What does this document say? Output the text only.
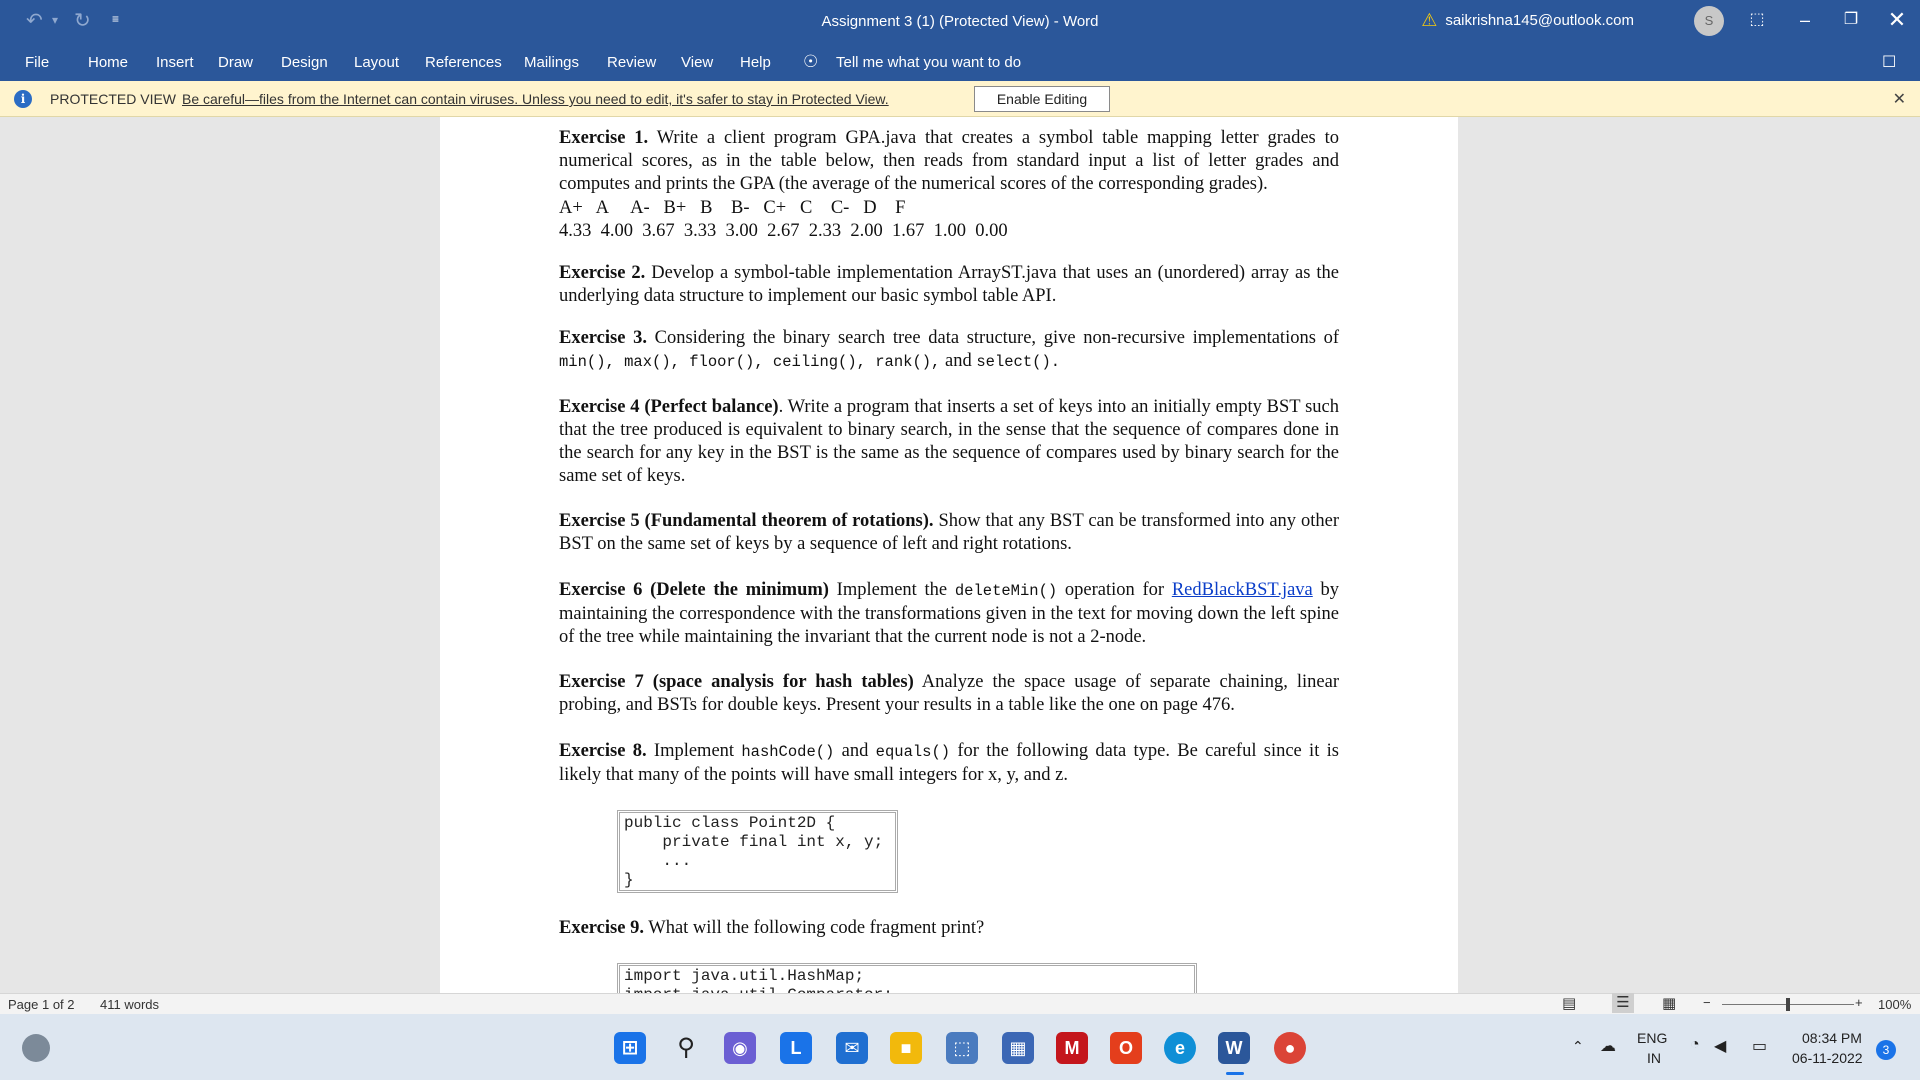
↶ ▾ ↻ ≡	Assignment 3 (1) (Protected View) - Word	⚠ saikrishna145@outlook.com	S	⬚	–	❐	✕
File	Home Insert Draw Design Layout References Mailings Review View Help ☉ Tell me what you want to do	☐
i	PROTECTED VIEW Be careful—files from the Internet can contain viruses. Unless you need to edit, it's safer to stay in Protected View.	Enable Editing	✕
Exercise 1. Write a client program GPA.java that creates a symbol table mapping letter grades to numerical scores, as in the table below, then reads from standard input a list of letter grades and computes and prints the GPA (the average of the numerical scores of the corresponding grades).
A+   A     A-   B+   B    B-   C+   C    C-   D    F
4.33  4.00  3.67  3.33  3.00  2.67  2.33  2.00  1.67  1.00  0.00
Exercise 2. Develop a symbol-table implementation ArrayST.java that uses an (unordered) array as the underlying data structure to implement our basic symbol table API.
Exercise 3. Considering the binary search tree data structure, give non-recursive implementations of min(), max(), floor(), ceiling(), rank(), and select().
Exercise 4 (Perfect balance). Write a program that inserts a set of keys into an initially empty BST such that the tree produced is equivalent to binary search, in the sense that the sequence of compares done in the search for any key in the BST is the same as the sequence of compares used by binary search for the same set of keys.
Exercise 5 (Fundamental theorem of rotations). Show that any BST can be transformed into any other BST on the same set of keys by a sequence of left and right rotations.
Exercise 6 (Delete the minimum) Implement the deleteMin() operation for RedBlackBST.java by maintaining the correspondence with the transformations given in the text for moving down the left spine of the tree while maintaining the invariant that the current node is not a 2-node.
Exercise 7 (space analysis for hash tables) Analyze the space usage of separate chaining, linear probing, and BSTs for double keys. Present your results in a table like the one on page 476.
Exercise 8. Implement hashCode() and equals() for the following data type. Be careful since it is likely that many of the points will have small integers for x, y, and z.
public class Point2D {
private final int x, y;
...
}
Exercise 9. What will the following code fragment print?
import java.util.HashMap;

Page 1 of 2 411 words	▤	☰ ▦ −	+ 100%
⊞	⚲	◉	L	✉	■	⬚	▦	M	O	e	W	●	⌃ ☁ ENG
IN
◔ ◀ ▭ 08:34 PM
06-11-2022	3
